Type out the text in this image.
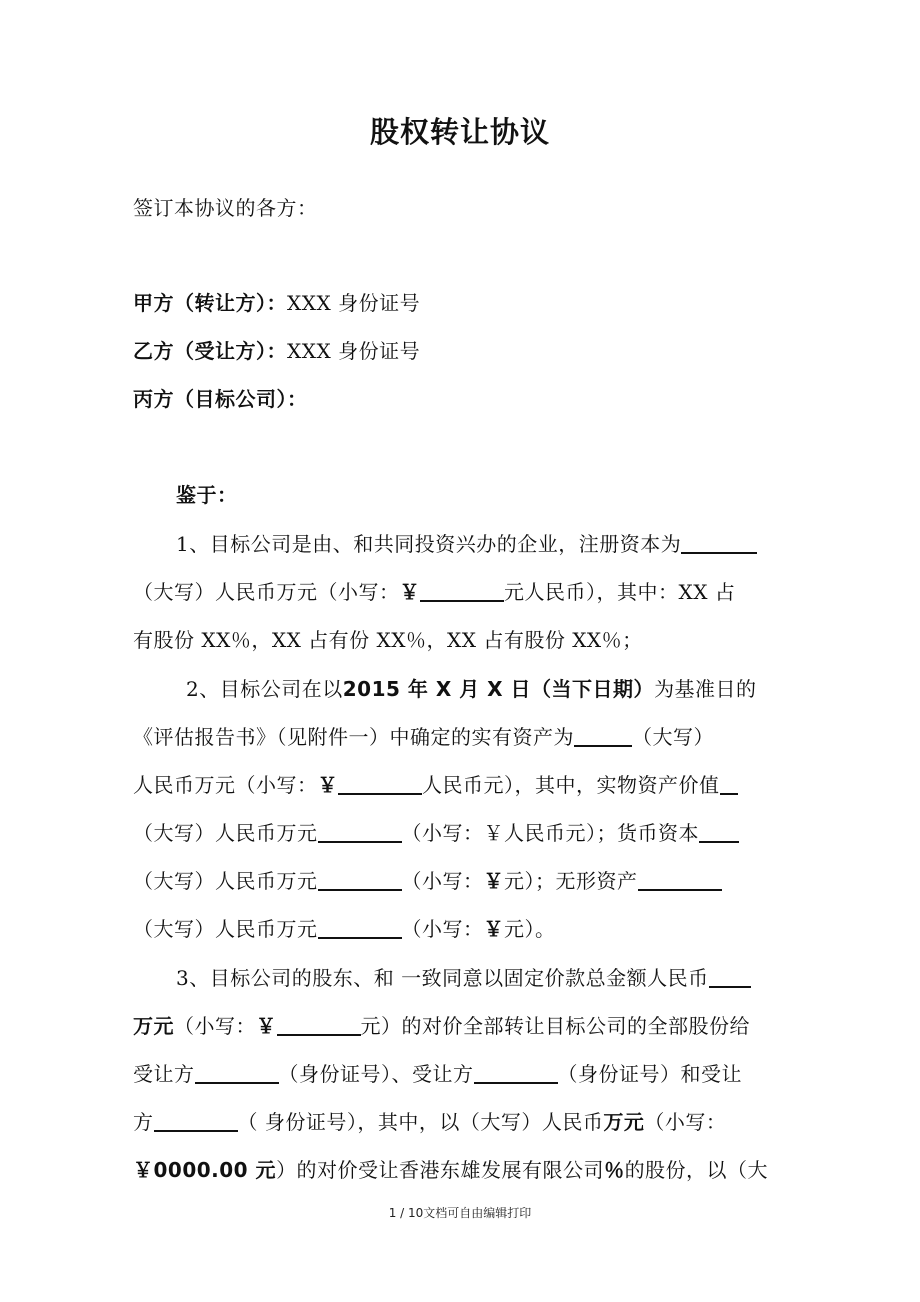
股权转让协议
签订本协议的各方：
甲方（转让方）：XXX 身份证号
乙方（受让方）：XXX 身份证号
丙方（目标公司）：
鉴于：
1、目标公司是由、和共同投资兴办的企业，注册资本为
（大写）人民币万元（小写：￥	元人民币），其中：XX 占
有股份 XX％，XX 占有份 XX％，XX 占有股份 XX％；
2、目标公司在以2015 年 X 月 X 日（当下日期）为基准日的
《评估报告书》（见附件一）中确定的实有资产为	（大写）
人民币万元（小写：￥	人民币元），其中，实物资产价值
（大写）人民币万元	（小写：￥人民币元）；货币资本
（大写）人民币万元	（小写：￥元）；无形资产
（大写）人民币万元	（小写：￥元）。
3、目标公司的股东、和 一致同意以固定价款总金额人民币
万元（小写：￥	元）的对价全部转让目标公司的全部股份给
受让方	（身份证号）、受让方	（身份证号）和受让
方	（ 身份证号），其中，以（大写）人民币万元（小写：
￥0000.00 元）的对价受让香港东雄发展有限公司％的股份，以（大
1 / 10文档可自由编辑打印
